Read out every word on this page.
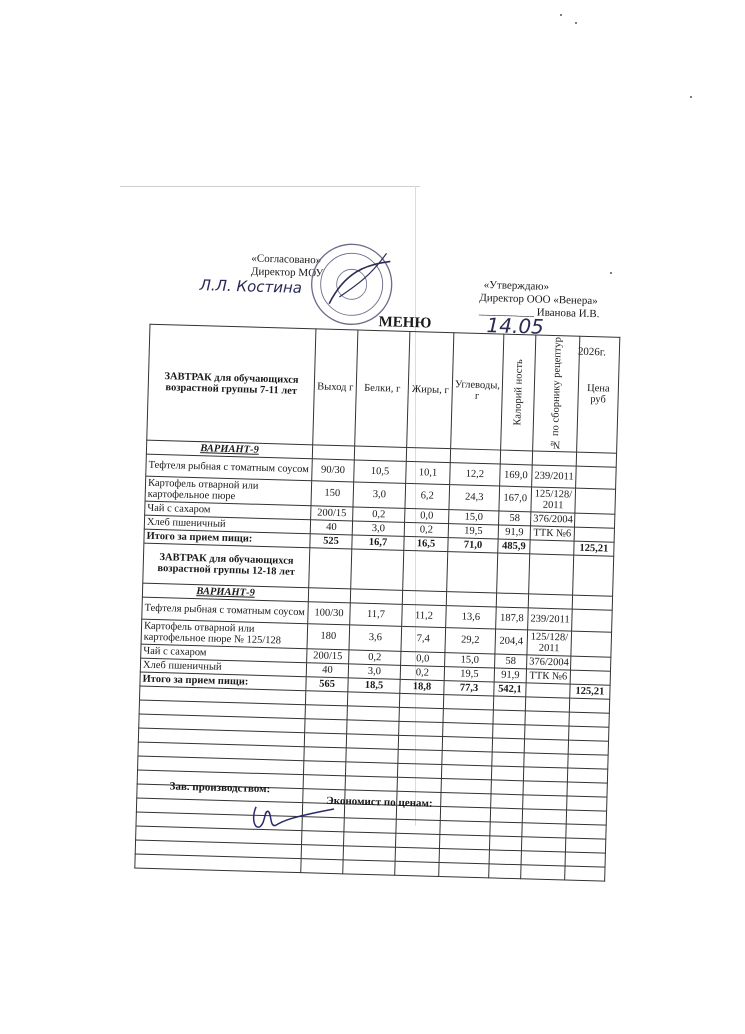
«Согласовано»
Директор МОУ
Л.Л. Костина	«Утверждаю»
Директор ООО «Венера»
__________ Иванова И.В.
МЕНЮ	14.05
2026г.
ЗАВТРАК для обучающихся возрастной группы 7-11 лет	Выход г	Белки, г	Жиры, г	Углеводы, г	Калорий ность	№ по сборнику рецептур	Цена руб
ВАРИАНТ-9							
Тефтеля рыбная с томатным соусом	90/30	10,5	10,1	12,2	169,0	239/2011	
Картофель отварной или картофельное пюре	150	3,0	6,2	24,3	167,0	125/128/ 2011	
Чай с сахаром	200/15	0,2	0,0	15,0	58	376/2004	
Хлеб пшеничный	40	3,0	0,2	19,5	91,9	ТТК №6	
Итого за прием пищи:	525	16,7	16,5	71,0	485,9		125,21
ЗАВТРАК для обучающихся возрастной группы 12-18 лет							
ВАРИАНТ-9							
Тефтеля рыбная с томатным соусом	100/30	11,7	11,2	13,6	187,8	239/2011	
Картофель отварной или картофельное пюре № 125/128	180	3,6	7,4	29,2	204,4	125/128/ 2011	
Чай с сахаром	200/15	0,2	0,0	15,0	58	376/2004	
Хлеб пшеничный	40	3,0	0,2	19,5	91,9	ТТК №6	
Итого за прием пищи:	565	18,5	18,8	77,3	542,1		125,21

Зав. производством:
Экономист по ценам:
